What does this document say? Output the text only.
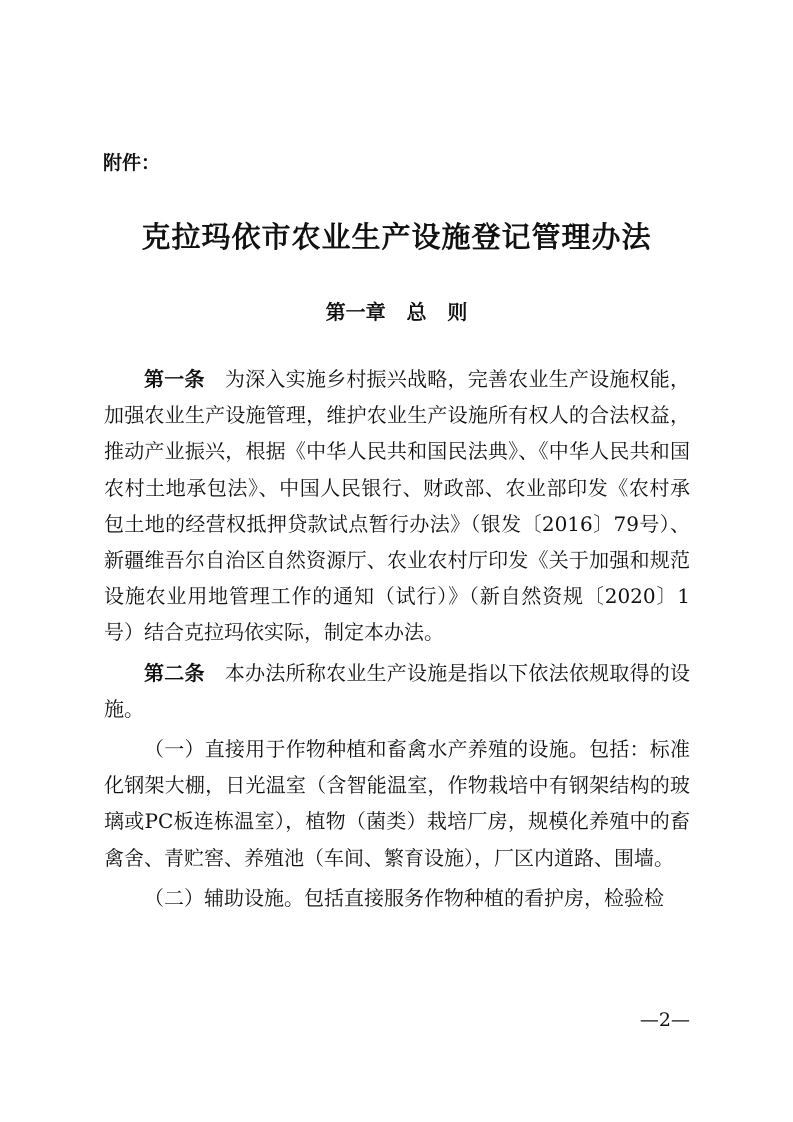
附件：
克拉玛依市农业生产设施登记管理办法
第一章   总   则

第一条  为深入实施乡村振兴战略，完善农业生产设施权能，加强农业生产设施管理，维护农业生产设施所有权人的合法权益，推动产业振兴，根据《中华人民共和国民法典》、《中华人民共和国农村土地承包法》、中国人民银行、财政部、农业部印发《农村承包土地的经营权抵押贷款试点暂行办法》（银发〔2016〕79号）、新疆维吾尔自治区自然资源厅、农业农村厅印发《关于加强和规范设施农业用地管理工作的通知（试行）》（新自然资规〔2020〕1号）结合克拉玛依实际，制定本办法。

第二条  本办法所称农业生产设施是指以下依法依规取得的设施。

（一）直接用于作物种植和畜禽水产养殖的设施。包括：标准化钢架大棚，日光温室（含智能温室，作物栽培中有钢架结构的玻璃或PC板连栋温室），植物（菌类）栽培厂房，规模化养殖中的畜禽舍、青贮窖、养殖池（车间、繁育设施），厂区内道路、围墙。

（二）辅助设施。包括直接服务作物种植的看护房，检验检

—2—
